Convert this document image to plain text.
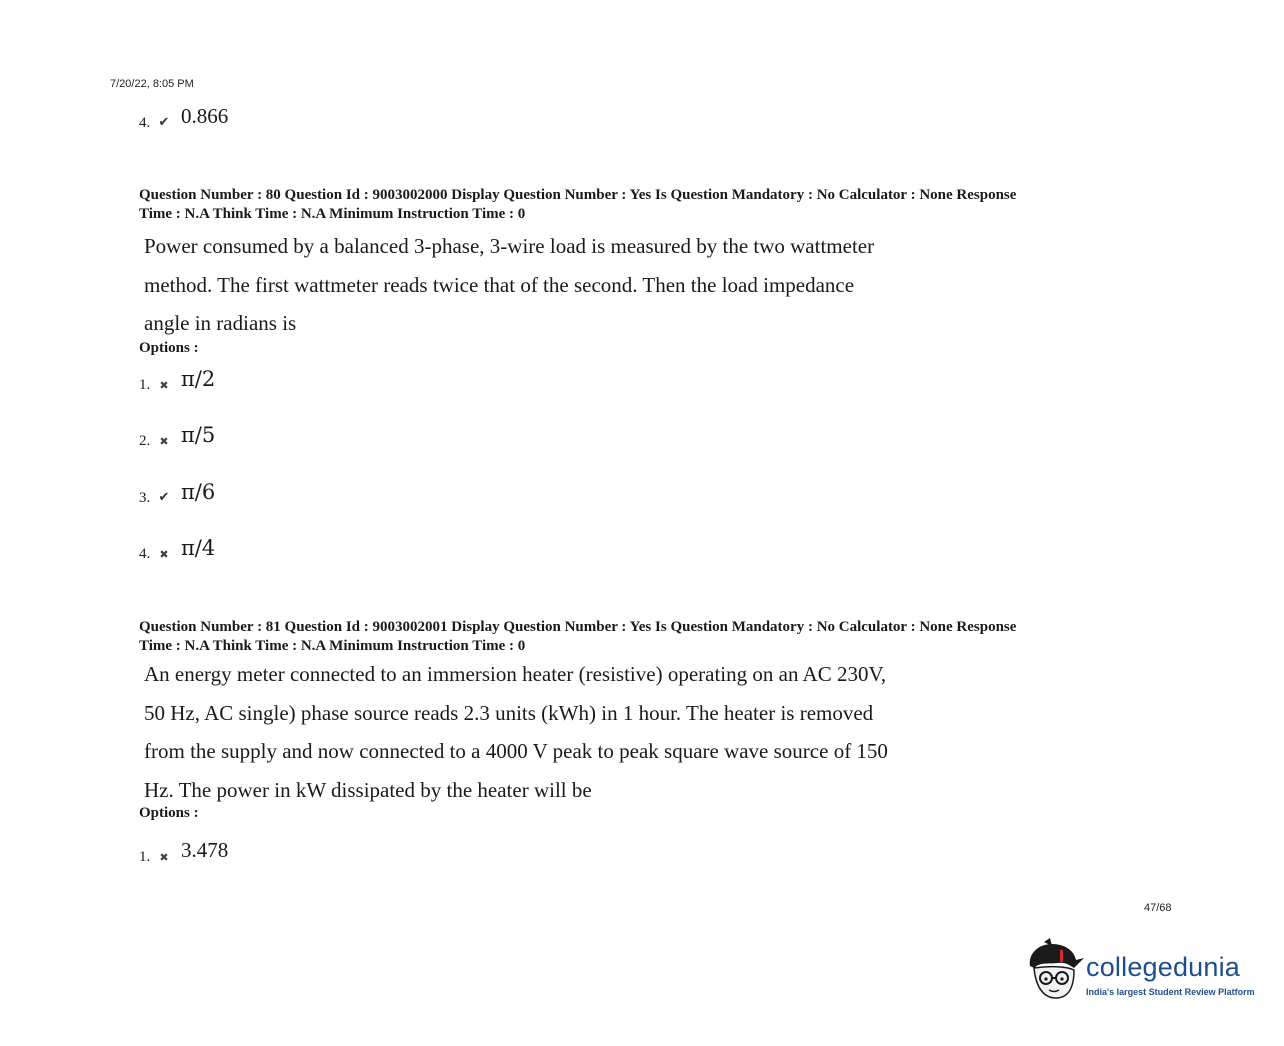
7/20/22, 8:05 PM
4. ✔ 0.866
Question Number : 80 Question Id : 9003002000 Display Question Number : Yes Is Question Mandatory : No Calculator : None Response
Time : N.A Think Time : N.A Minimum Instruction Time : 0
Power consumed by a balanced 3-phase, 3-wire load is measured by the two wattmeter
method. The first wattmeter reads twice that of the second. Then the load impedance
angle in radians is
Options :
1. ✖ π/2
2. ✖ π/5
3. ✔ π/6
4. ✖ π/4
Question Number : 81 Question Id : 9003002001 Display Question Number : Yes Is Question Mandatory : No Calculator : None Response
Time : N.A Think Time : N.A Minimum Instruction Time : 0
An energy meter connected to an immersion heater (resistive) operating on an AC 230V,
50 Hz, AC single) phase source reads 2.3 units (kWh) in 1 hour. The heater is removed
from the supply and now connected to a 4000 V peak to peak square wave source of 150
Hz. The power in kW dissipated by the heater will be
Options :
1. ✖ 3.478
47/68
collegedunia
India's largest Student Review Platform
